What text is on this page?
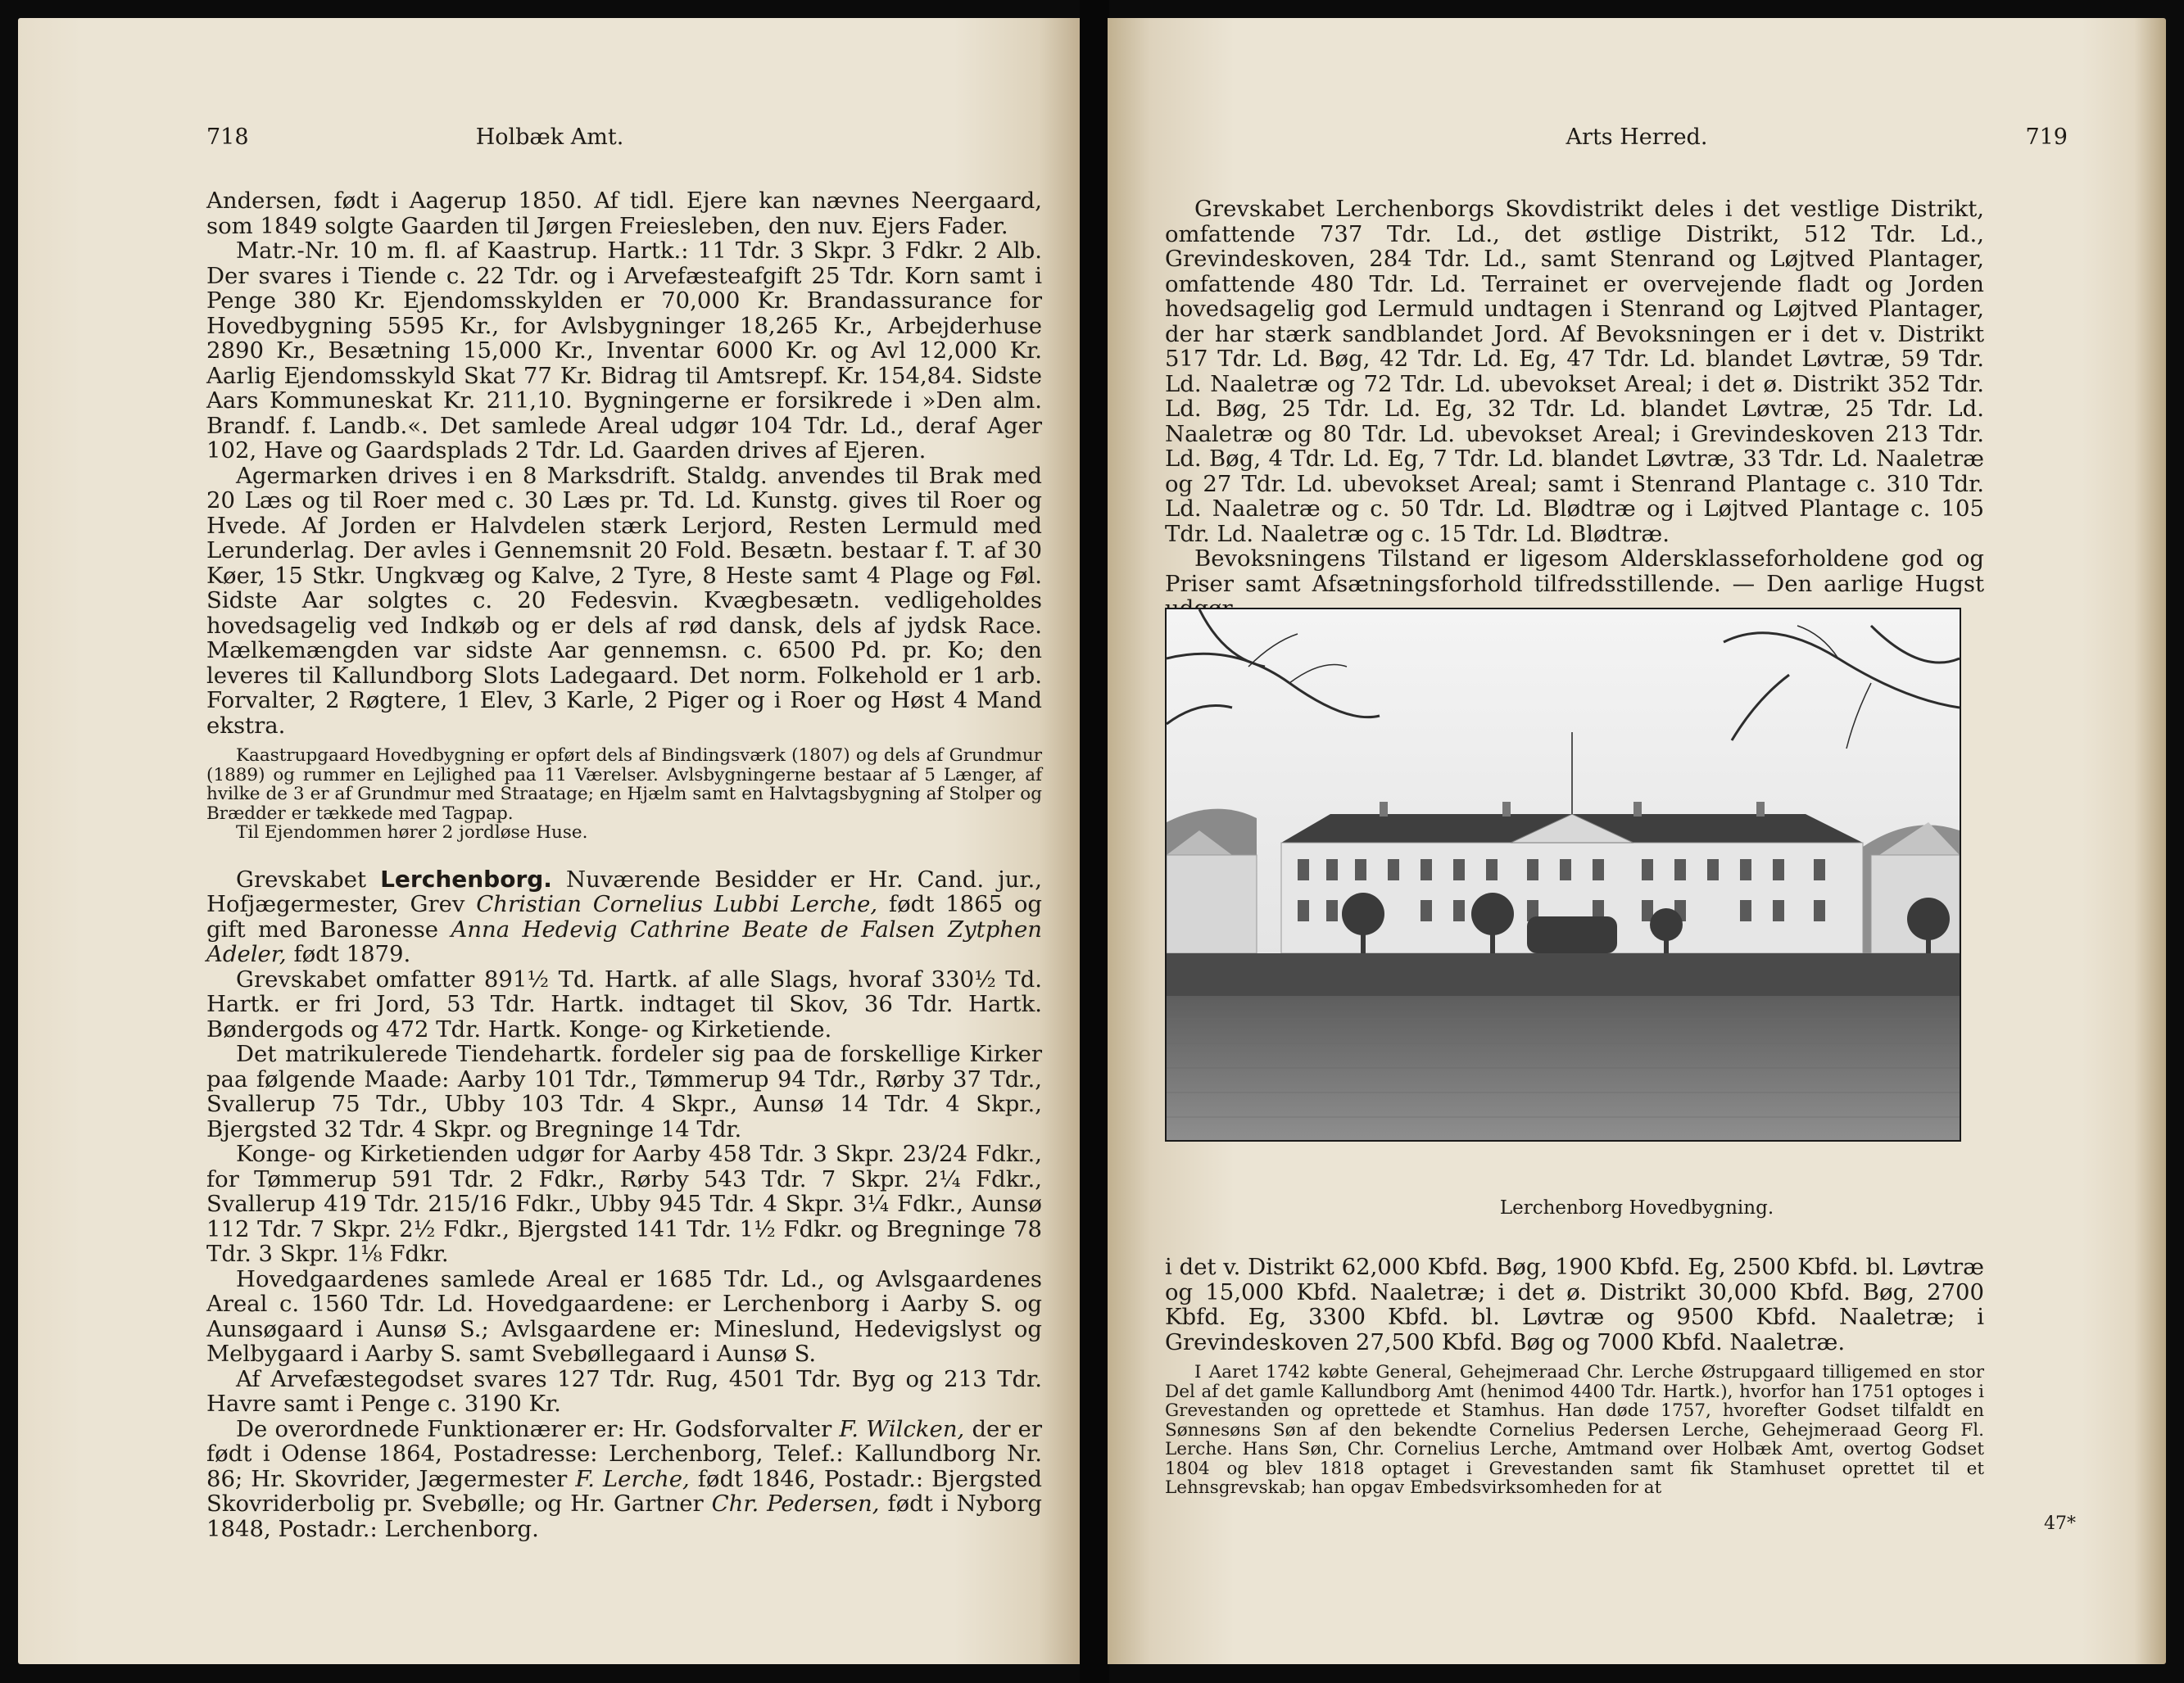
718	Holbæk Amt.

Andersen, født i Aagerup 1850. Af tidl. Ejere kan nævnes Neergaard, som 1849 solgte Gaarden til Jørgen Freiesleben, den nuv. Ejers Fader.

Matr.-Nr. 10 m. fl. af Kaastrup. Hartk.: 11 Tdr. 3 Skpr. 3 Fdkr. 2 Alb. Der svares i Tiende c. 22 Tdr. og i Arvefæsteafgift 25 Tdr. Korn samt i Penge 380 Kr. Ejendomsskylden er 70,000 Kr. Brandassurance for Hovedbygning 5595 Kr., for Avlsbygninger 18,265 Kr., Arbejderhuse 2890 Kr., Besætning 15,000 Kr., Inventar 6000 Kr. og Avl 12,000 Kr. Aarlig Ejendomsskyld Skat 77 Kr. Bidrag til Amtsrepf. Kr. 154,84. Sidste Aars Kommuneskat Kr. 211,10. Bygningerne er forsikrede i »Den alm. Brandf. f. Landb.«. Det samlede Areal udgør 104 Tdr. Ld., deraf Ager 102, Have og Gaardsplads 2 Tdr. Ld. Gaarden drives af Ejeren.

Agermarken drives i en 8 Marksdrift. Staldg. anvendes til Brak med 20 Læs og til Roer med c. 30 Læs pr. Td. Ld. Kunstg. gives til Roer og Hvede. Af Jorden er Halvdelen stærk Lerjord, Resten Lermuld med Lerunderlag. Der avles i Gennemsnit 20 Fold. Besætn. bestaar f. T. af 30 Køer, 15 Stkr. Ungkvæg og Kalve, 2 Tyre, 8 Heste samt 4 Plage og Føl. Sidste Aar solgtes c. 20 Fedesvin. Kvægbesætn. vedligeholdes hovedsagelig ved Indkøb og er dels af rød dansk, dels af jydsk Race. Mælkemængden var sidste Aar gennemsn. c. 6500 Pd. pr. Ko; den leveres til Kallundborg Slots Ladegaard. Det norm. Folkehold er 1 arb. Forvalter, 2 Røgtere, 1 Elev, 3 Karle, 2 Piger og i Roer og Høst 4 Mand ekstra.

Kaastrupgaard Hovedbygning er opført dels af Bindingsværk (1807) og dels af Grundmur (1889) og rummer en Lejlighed paa 11 Værelser. Avlsbygningerne bestaar af 5 Længer, af hvilke de 3 er af Grundmur med Straatage; en Hjælm samt en Halvtagsbygning af Stolper og Brædder er tækkede med Tagpap.

Til Ejendommen hører 2 jordløse Huse.

Grevskabet Lerchenborg. Nuværende Besidder er Hr. Cand. jur., Hofjægermester, Grev Christian Cornelius Lubbi Lerche, født 1865 og gift med Baronesse Anna Hedevig Cathrine Beate de Falsen Zytphen Adeler, født 1879.

Grevskabet omfatter 891½ Td. Hartk. af alle Slags, hvoraf 330½ Td. Hartk. er fri Jord, 53 Tdr. Hartk. indtaget til Skov, 36 Tdr. Hartk. Bøndergods og 472 Tdr. Hartk. Konge- og Kirketiende.

Det matrikulerede Tiendehartk. fordeler sig paa de forskellige Kirker paa følgende Maade: Aarby 101 Tdr., Tømmerup 94 Tdr., Rørby 37 Tdr., Svallerup 75 Tdr., Ubby 103 Tdr. 4 Skpr., Aunsø 14 Tdr. 4 Skpr., Bjergsted 32 Tdr. 4 Skpr. og Bregninge 14 Tdr.

Konge- og Kirketienden udgør for Aarby 458 Tdr. 3 Skpr. 23/24 Fdkr., for Tømmerup 591 Tdr. 2 Fdkr., Rørby 543 Tdr. 7 Skpr. 2¼ Fdkr., Svallerup 419 Tdr. 215/16 Fdkr., Ubby 945 Tdr. 4 Skpr. 3¼ Fdkr., Aunsø 112 Tdr. 7 Skpr. 2½ Fdkr., Bjergsted 141 Tdr. 1½ Fdkr. og Bregninge 78 Tdr. 3 Skpr. 1⅛ Fdkr.

Hovedgaardenes samlede Areal er 1685 Tdr. Ld., og Avlsgaardenes Areal c. 1560 Tdr. Ld. Hovedgaardene: er Lerchenborg i Aarby S. og Aunsøgaard i Aunsø S.; Avlsgaardene er: Mineslund, Hedevigslyst og Melbygaard i Aarby S. samt Svebøllegaard i Aunsø S.

Af Arvefæstegodset svares 127 Tdr. Rug, 4501 Tdr. Byg og 213 Tdr. Havre samt i Penge c. 3190 Kr.

De overordnede Funktionærer er: Hr. Godsforvalter F. Wilcken, der er født i Odense 1864, Postadresse: Lerchenborg, Telef.: Kallundborg Nr. 86; Hr. Skovrider, Jægermester F. Lerche, født 1846, Postadr.: Bjergsted Skovriderbolig pr. Svebølle; og Hr. Gartner Chr. Pedersen, født i Nyborg 1848, Postadr.: Lerchenborg.

Arts Herred.	719

Grevskabet Lerchenborgs Skovdistrikt deles i det vestlige Distrikt, omfattende 737 Tdr. Ld., det østlige Distrikt, 512 Tdr. Ld., Grevindeskoven, 284 Tdr. Ld., samt Stenrand og Løjtved Plantager, omfattende 480 Tdr. Ld. Terrainet er overvejende fladt og Jorden hovedsagelig god Lermuld undtagen i Stenrand og Løjtved Plantager, der har stærk sandblandet Jord. Af Bevoksningen er i det v. Distrikt 517 Tdr. Ld. Bøg, 42 Tdr. Ld. Eg, 47 Tdr. Ld. blandet Løvtræ, 59 Tdr. Ld. Naaletræ og 72 Tdr. Ld. ubevokset Areal; i det ø. Distrikt 352 Tdr. Ld. Bøg, 25 Tdr. Ld. Eg, 32 Tdr. Ld. blandet Løvtræ, 25 Tdr. Ld. Naaletræ og 80 Tdr. Ld. ubevokset Areal; i Grevindeskoven 213 Tdr. Ld. Bøg, 4 Tdr. Ld. Eg, 7 Tdr. Ld. blandet Løvtræ, 33 Tdr. Ld. Naaletræ og 27 Tdr. Ld. ubevokset Areal; samt i Stenrand Plantage c. 310 Tdr. Ld. Naaletræ og c. 50 Tdr. Ld. Blødtræ og i Løjtved Plantage c. 105 Tdr. Ld. Naaletræ og c. 15 Tdr. Ld. Blødtræ.

Bevoksningens Tilstand er ligesom Aldersklasseforholdene god og Priser samt Afsætningsforhold tilfredsstillende. — Den aarlige Hugst

Lerchenborg Hovedbygning.

i det v. Distrikt 62,000 Kbfd. Bøg, 1900 Kbfd. Eg, 2500 Kbfd. bl. Løvtræ og 15,000 Kbfd. Naaletræ; i det ø. Distrikt 30,000 Kbfd. Bøg, 2700 Kbfd. Eg, 3300 Kbfd. bl. Løvtræ og 9500 Kbfd. Naaletræ; i Grevindeskoven 27,500 Kbfd. Bøg og 7000 Kbfd. Naaletræ.

I Aaret 1742 købte General, Gehejmeraad Chr. Lerche Østrupgaard tilligemed en stor Del af det gamle Kallundborg Amt (henimod 4400 Tdr. Hartk.), hvorfor han 1751 optoges i Grevestanden og oprettede et Stamhus. Han døde 1757, hvorefter Godset tilfaldt en Sønnesøns Søn af den bekendte Cornelius Pedersen Lerche, Gehejmeraad Georg Fl. Lerche. Hans Søn, Chr. Cornelius Lerche, Amtmand over Holbæk Amt, overtog Godset 1804 og blev 1818 optaget i Grevestanden samt fik Stamhuset oprettet til et Lehnsgrevskab; han opgav Embedsvirksomheden for at

47*
